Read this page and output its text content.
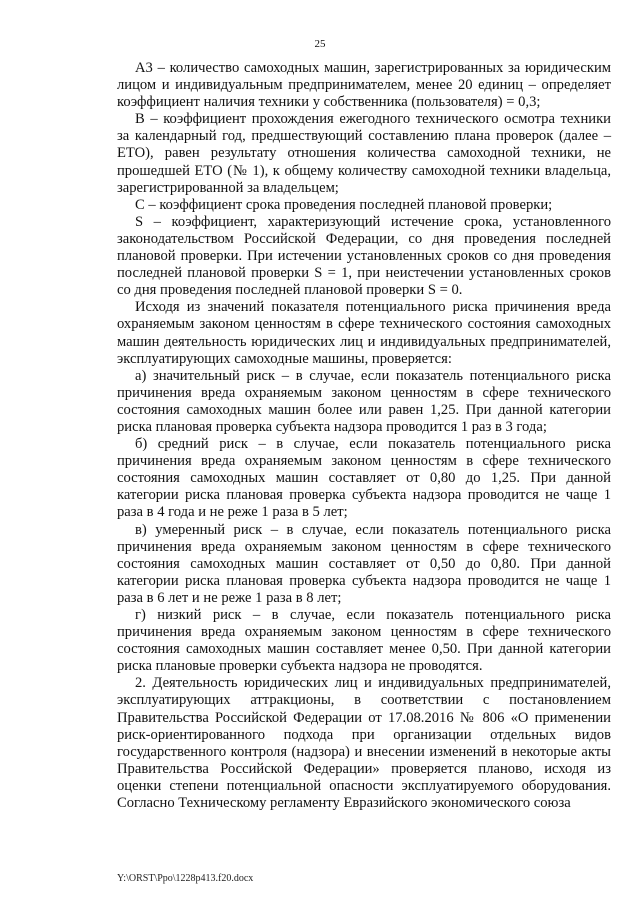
25

А3 – количество самоходных машин, зарегистрированных за юридическим лицом и индивидуальным предпринимателем, менее 20 единиц – определяет коэффициент наличия техники у собственника (пользователя) = 0,3;

В – коэффициент прохождения ежегодного технического осмотра техники за календарный год, предшествующий составлению плана проверок (далее – ЕТО), равен результату отношения количества самоходной техники, не прошедшей ЕТО (№ 1), к общему количеству самоходной техники владельца, зарегистрированной за владельцем;

С – коэффициент срока проведения последней плановой проверки;

S – коэффициент, характеризующий истечение срока, установленного законодательством Российской Федерации, со дня проведения последней плановой проверки. При истечении установленных сроков со дня проведения последней плановой проверки S = 1, при неистечении установленных сроков со дня проведения последней плановой проверки S = 0.

Исходя из значений показателя потенциального риска причинения вреда охраняемым законом ценностям в сфере технического состояния самоходных машин деятельность юридических лиц и индивидуальных предпринимателей, эксплуатирующих самоходные машины, проверяется:

а) значительный риск – в случае, если показатель потенциального риска причинения вреда охраняемым законом ценностям в сфере технического состояния самоходных машин более или равен 1,25. При данной категории риска плановая проверка субъекта надзора проводится 1 раз в 3 года;

б) средний риск – в случае, если показатель потенциального риска причинения вреда охраняемым законом ценностям в сфере технического состояния самоходных машин составляет от 0,80 до 1,25. При данной категории риска плановая проверка субъекта надзора проводится не чаще 1 раза в 4 года и не реже 1 раза в 5 лет;

в) умеренный риск – в случае, если показатель потенциального риска причинения вреда охраняемым законом ценностям в сфере технического состояния самоходных машин составляет от 0,50 до 0,80. При данной категории риска плановая проверка субъекта надзора проводится не чаще 1 раза в 6 лет и не реже 1 раза в 8 лет;

г) низкий риск – в случае, если показатель потенциального риска причинения вреда охраняемым законом ценностям в сфере технического состояния самоходных машин составляет менее 0,50. При данной категории риска плановые проверки субъекта надзора не проводятся.

2. Деятельность юридических лиц и индивидуальных предпринимателей, эксплуатирующих аттракционы, в соответствии с постановлением Правительства Российской Федерации от 17.08.2016 № 806 «О применении риск-ориентированного подхода при организации отдельных видов государственного контроля (надзора) и внесении изменений в некоторые акты Правительства Российской Федерации» проверяется планово, исходя из оценки степени потенциальной опасности эксплуатируемого оборудования. Согласно Техническому регламенту Евразийского экономического союза

Y:\ORST\Ppo\1228p413.f20.docx
